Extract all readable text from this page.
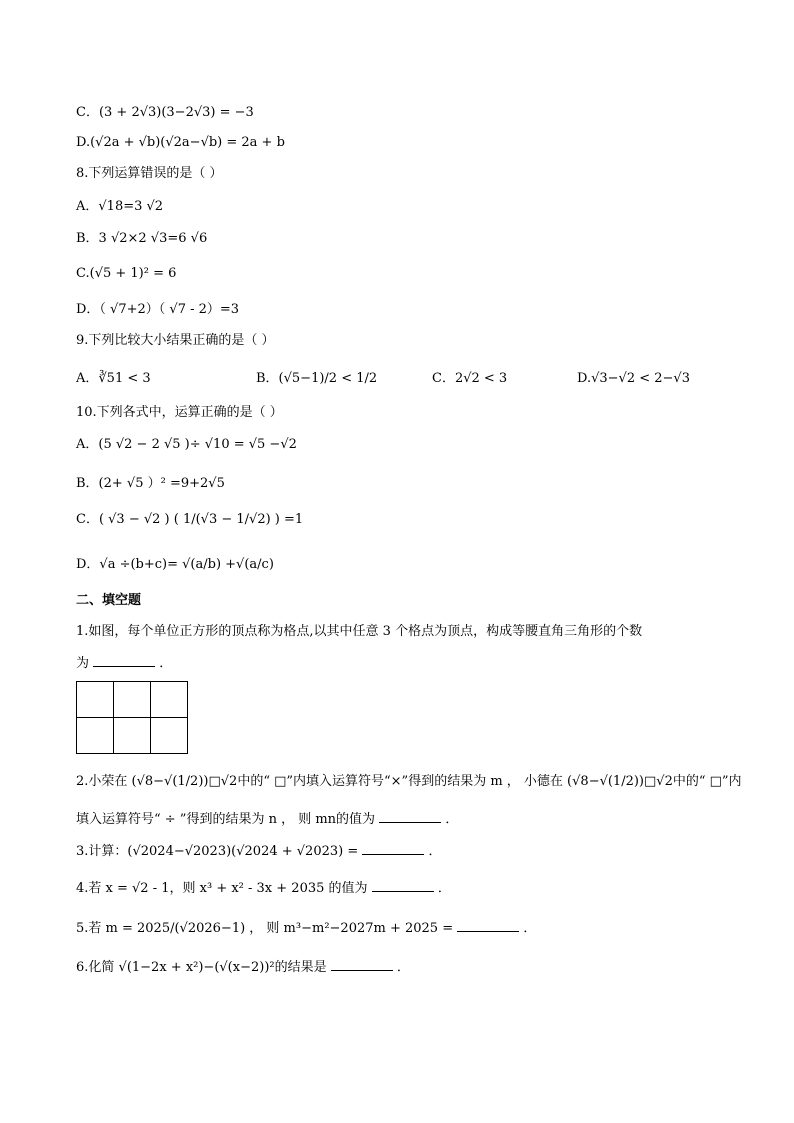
C．(3 + 2√3)(3−2√3) = −3
D.(√2a + √b)(√2a−√b) = 2a + b
8.下列运算错误的是（ ）
A．√18=3 √2
B．3 √2×2 √3=6 √6
C.(√5 + 1)² = 6
D．（ √7+2）（ √7 - 2）=3
9.下列比较大小结果正确的是（ ）
A．∛51 < 3	B．(√5−1)/2 < 1/2	C．2√2 < 3	D.√3−√2 < 2−√3
10.下列各式中，运算正确的是（ ）
A．(5 √2 − 2 √5 )÷ √10 = √5 −√2
B．(2+ √5 ）² =9+2√5
C．( √3 − √2 ) ( 1/(√3 − 1/√2) ) =1
D．√a ÷(b+c)= √(a/b) +√(a/c)
二、填空题
1.如图，每个单位正方形的顶点称为格点,以其中任意 3 个格点为顶点，构成等腰直角三角形的个数
为	．

2.小荣在 (√8−√(1/2))□√2中的“ □”内填入运算符号“×”得到的结果为 m ， 小德在 (√8−√(1/2))□√2中的“ □”内
填入运算符号“ ÷ ”得到的结果为 n ， 则 mn的值为	．
3.计算：(√2024−√2023)(√2024 + √2023) =	．
4.若 x = √2 - 1，则 x³ + x² - 3x + 2035 的值为	．
5.若 m = 2025/(√2026−1) ， 则 m³−m²−2027m + 2025 =	．
6.化简 √(1−2x + x²)−(√(x−2))²的结果是	．
